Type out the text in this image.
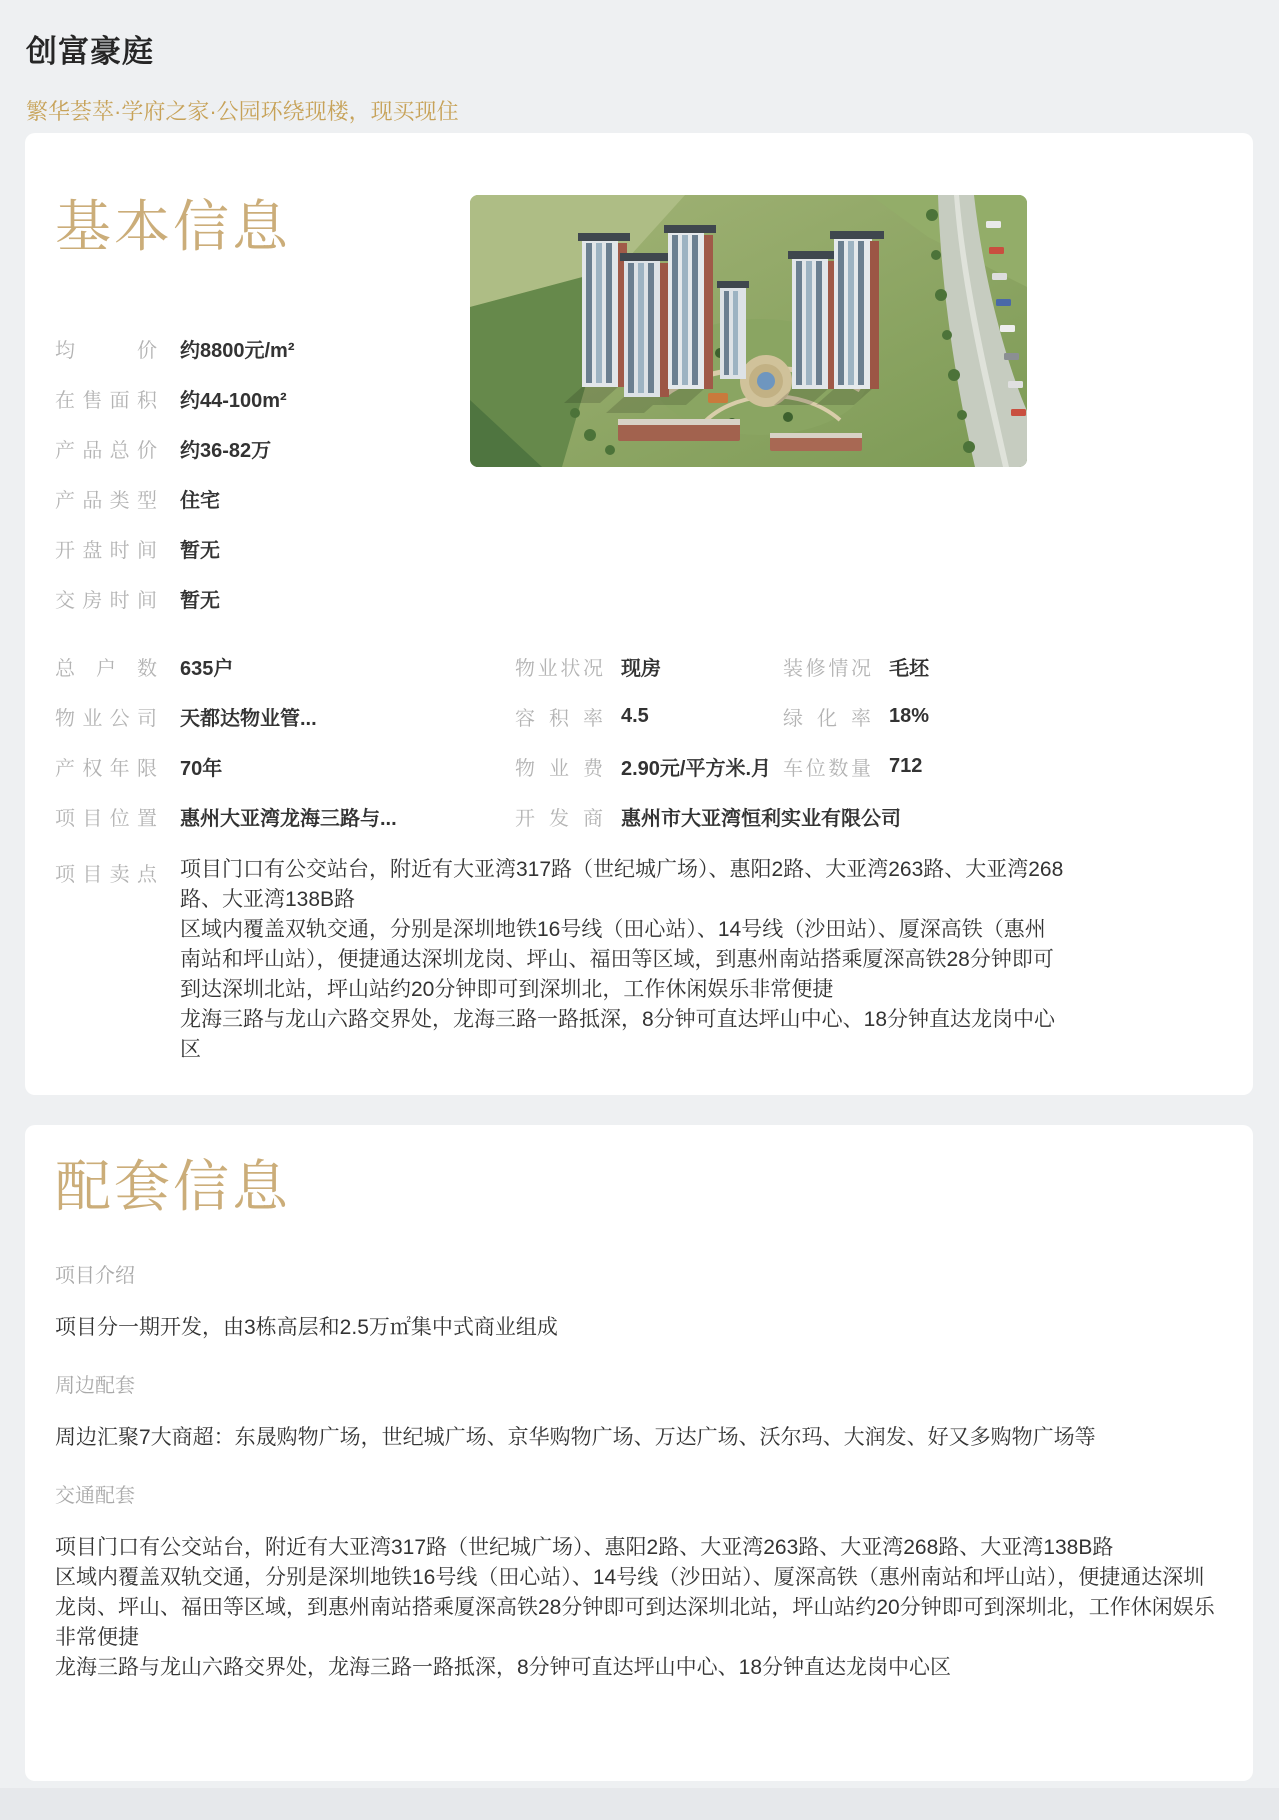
创富豪庭
繁华荟萃·学府之家·公园环绕现楼，现买现住
基本信息
均价 约8800元/m²
在售面积 约44-100m²
产品总价 约36-82万
产品类型 住宅
开盘时间 暂无
交房时间 暂无
总户数 635户	物业状况 现房	装修情况 毛坯
物业公司 天都达物业管...	容积率 4.5	绿化率 18%
产权年限 70年	物业费 2.90元/平方米.月 车位数量 712
项目位置 惠州大亚湾龙海三路与...	开发商 惠州市大亚湾恒利实业有限公司
项目卖点 项目门口有公交站台，附近有大亚湾317路（世纪城广场）、惠阳2路、大亚湾263路、大亚湾268路、大亚湾138B路

区域内覆盖双轨交通，分别是深圳地铁16号线（田心站）、14号线（沙田站）、厦深高铁（惠州南站和坪山站），便捷通达深圳龙岗、坪山、福田等区域，到惠州南站搭乘厦深高铁28分钟即可到达深圳北站，坪山站约20分钟即可到深圳北，工作休闲娱乐非常便捷

龙海三路与龙山六路交界处，龙海三路一路抵深，8分钟可直达坪山中心、18分钟直达龙岗中心区

配套信息
项目介绍

项目分一期开发，由3栋高层和2.5万㎡集中式商业组成

周边配套

周边汇聚7大商超：东晟购物广场，世纪城广场、京华购物广场、万达广场、沃尔玛、大润发、好又多购物广场等

交通配套

项目门口有公交站台，附近有大亚湾317路（世纪城广场）、惠阳2路、大亚湾263路、大亚湾268路、大亚湾138B路

区域内覆盖双轨交通，分别是深圳地铁16号线（田心站）、14号线（沙田站）、厦深高铁（惠州南站和坪山站），便捷通达深圳龙岗、坪山、福田等区域，到惠州南站搭乘厦深高铁28分钟即可到达深圳北站，坪山站约20分钟即可到深圳北，工作休闲娱乐非常便捷

龙海三路与龙山六路交界处，龙海三路一路抵深，8分钟可直达坪山中心、18分钟直达龙岗中心区
